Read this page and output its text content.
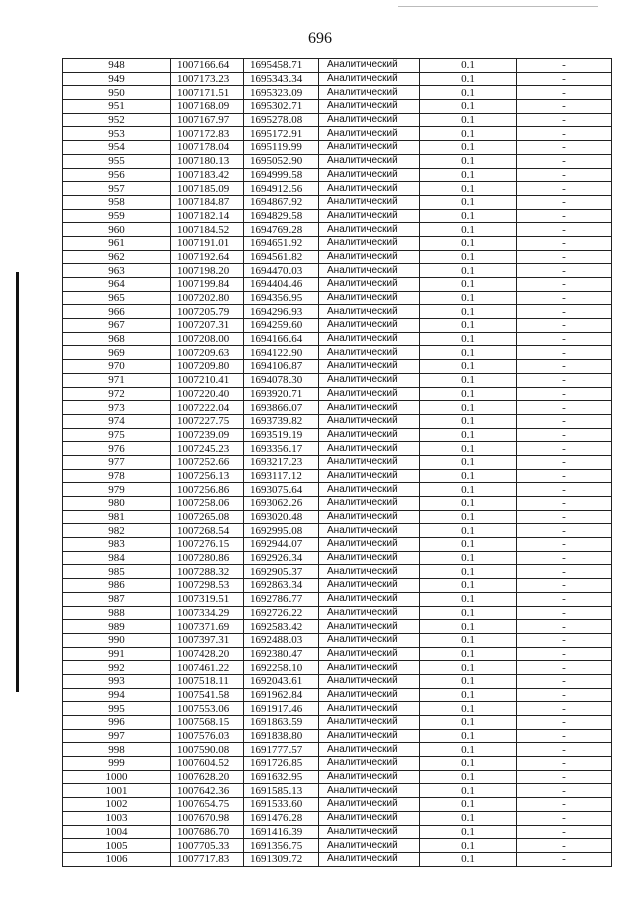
696
948	1007166.64	1695458.71	Аналитический	0.1	-
949	1007173.23	1695343.34	Аналитический	0.1	-
950	1007171.51	1695323.09	Аналитический	0.1	-
951	1007168.09	1695302.71	Аналитический	0.1	-
952	1007167.97	1695278.08	Аналитический	0.1	-
953	1007172.83	1695172.91	Аналитический	0.1	-
954	1007178.04	1695119.99	Аналитический	0.1	-
955	1007180.13	1695052.90	Аналитический	0.1	-
956	1007183.42	1694999.58	Аналитический	0.1	-
957	1007185.09	1694912.56	Аналитический	0.1	-
958	1007184.87	1694867.92	Аналитический	0.1	-
959	1007182.14	1694829.58	Аналитический	0.1	-
960	1007184.52	1694769.28	Аналитический	0.1	-
961	1007191.01	1694651.92	Аналитический	0.1	-
962	1007192.64	1694561.82	Аналитический	0.1	-
963	1007198.20	1694470.03	Аналитический	0.1	-
964	1007199.84	1694404.46	Аналитический	0.1	-
965	1007202.80	1694356.95	Аналитический	0.1	-
966	1007205.79	1694296.93	Аналитический	0.1	-
967	1007207.31	1694259.60	Аналитический	0.1	-
968	1007208.00	1694166.64	Аналитический	0.1	-
969	1007209.63	1694122.90	Аналитический	0.1	-
970	1007209.80	1694106.87	Аналитический	0.1	-
971	1007210.41	1694078.30	Аналитический	0.1	-
972	1007220.40	1693920.71	Аналитический	0.1	-
973	1007222.04	1693866.07	Аналитический	0.1	-
974	1007227.75	1693739.82	Аналитический	0.1	-
975	1007239.09	1693519.19	Аналитический	0.1	-
976	1007245.23	1693356.17	Аналитический	0.1	-
977	1007252.66	1693217.23	Аналитический	0.1	-
978	1007256.13	1693117.12	Аналитический	0.1	-
979	1007256.86	1693075.64	Аналитический	0.1	-
980	1007258.06	1693062.26	Аналитический	0.1	-
981	1007265.08	1693020.48	Аналитический	0.1	-
982	1007268.54	1692995.08	Аналитический	0.1	-
983	1007276.15	1692944.07	Аналитический	0.1	-
984	1007280.86	1692926.34	Аналитический	0.1	-
985	1007288.32	1692905.37	Аналитический	0.1	-
986	1007298.53	1692863.34	Аналитический	0.1	-
987	1007319.51	1692786.77	Аналитический	0.1	-
988	1007334.29	1692726.22	Аналитический	0.1	-
989	1007371.69	1692583.42	Аналитический	0.1	-
990	1007397.31	1692488.03	Аналитический	0.1	-
991	1007428.20	1692380.47	Аналитический	0.1	-
992	1007461.22	1692258.10	Аналитический	0.1	-
993	1007518.11	1692043.61	Аналитический	0.1	-
994	1007541.58	1691962.84	Аналитический	0.1	-
995	1007553.06	1691917.46	Аналитический	0.1	-
996	1007568.15	1691863.59	Аналитический	0.1	-
997	1007576.03	1691838.80	Аналитический	0.1	-
998	1007590.08	1691777.57	Аналитический	0.1	-
999	1007604.52	1691726.85	Аналитический	0.1	-
1000	1007628.20	1691632.95	Аналитический	0.1	-
1001	1007642.36	1691585.13	Аналитический	0.1	-
1002	1007654.75	1691533.60	Аналитический	0.1	-
1003	1007670.98	1691476.28	Аналитический	0.1	-
1004	1007686.70	1691416.39	Аналитический	0.1	-
1005	1007705.33	1691356.75	Аналитический	0.1	-
1006	1007717.83	1691309.72	Аналитический	0.1	-
